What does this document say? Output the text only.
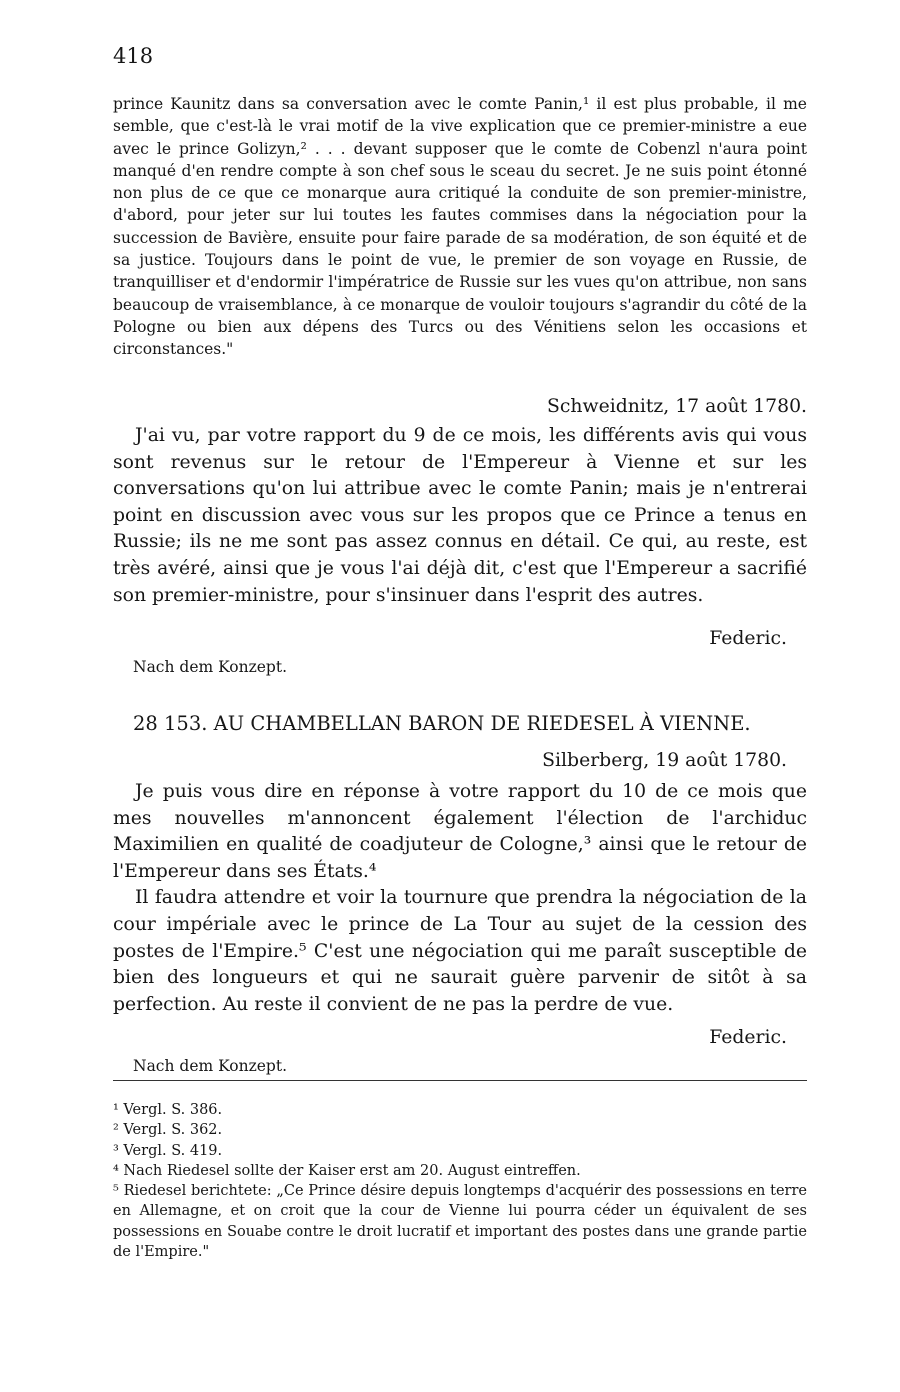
418

prince Kaunitz dans sa conversation avec le comte Panin,¹ il est plus probable, il me semble, que c'est-là le vrai motif de la vive explication que ce premier-ministre a eue avec le prince Golizyn,² . . . devant supposer que le comte de Cobenzl n'aura point manqué d'en rendre compte à son chef sous le sceau du secret. Je ne suis point étonné non plus de ce que ce monarque aura critiqué la conduite de son premier-ministre, d'abord, pour jeter sur lui toutes les fautes commises dans la négociation pour la succession de Bavière, ensuite pour faire parade de sa modération, de son équité et de sa justice. Toujours dans le point de vue, le premier de son voyage en Russie, de tranquilliser et d'endormir l'impératrice de Russie sur les vues qu'on attribue, non sans beaucoup de vraisemblance, à ce monarque de vouloir toujours s'agrandir du côté de la Pologne ou bien aux dépens des Turcs ou des Vénitiens selon les occasions et circonstances."

Schweidnitz, 17 août 1780.
J'ai vu, par votre rapport du 9 de ce mois, les différents avis qui vous sont revenus sur le retour de l'Empereur à Vienne et sur les conversations qu'on lui attribue avec le comte Panin; mais je n'entrerai point en discussion avec vous sur les propos que ce Prince a tenus en Russie; ils ne me sont pas assez connus en détail. Ce qui, au reste, est très avéré, ainsi que je vous l'ai déjà dit, c'est que l'Empereur a sacrifié son premier-ministre, pour s'insinuer dans l'esprit des autres.
Federic.
Nach dem Konzept.
28 153. AU CHAMBELLAN BARON DE RIEDESEL À VIENNE.
Silberberg, 19 août 1780.

Je puis vous dire en réponse à votre rapport du 10 de ce mois que mes nouvelles m'annoncent également l'élection de l'archiduc Maximilien en qualité de coadjuteur de Cologne,³ ainsi que le retour de l'Empereur dans ses États.⁴

Il faudra attendre et voir la tournure que prendra la négociation de la cour impériale avec le prince de La Tour au sujet de la cession des postes de l'Empire.⁵ C'est une négociation qui me paraît susceptible de bien des longueurs et qui ne saurait guère parvenir de sitôt à sa perfection. Au reste il convient de ne pas la perdre de vue.

Federic.
Nach dem Konzept.

¹ Vergl. S. 386.

² Vergl. S. 362.

³ Vergl. S. 419.

⁴ Nach Riedesel sollte der Kaiser erst am 20. August eintreffen.

⁵ Riedesel berichtete: „Ce Prince désire depuis longtemps d'acquérir des possessions en terre en Allemagne, et on croit que la cour de Vienne lui pourra céder un équivalent de ses possessions en Souabe contre le droit lucratif et important des postes dans une grande partie de l'Empire."
